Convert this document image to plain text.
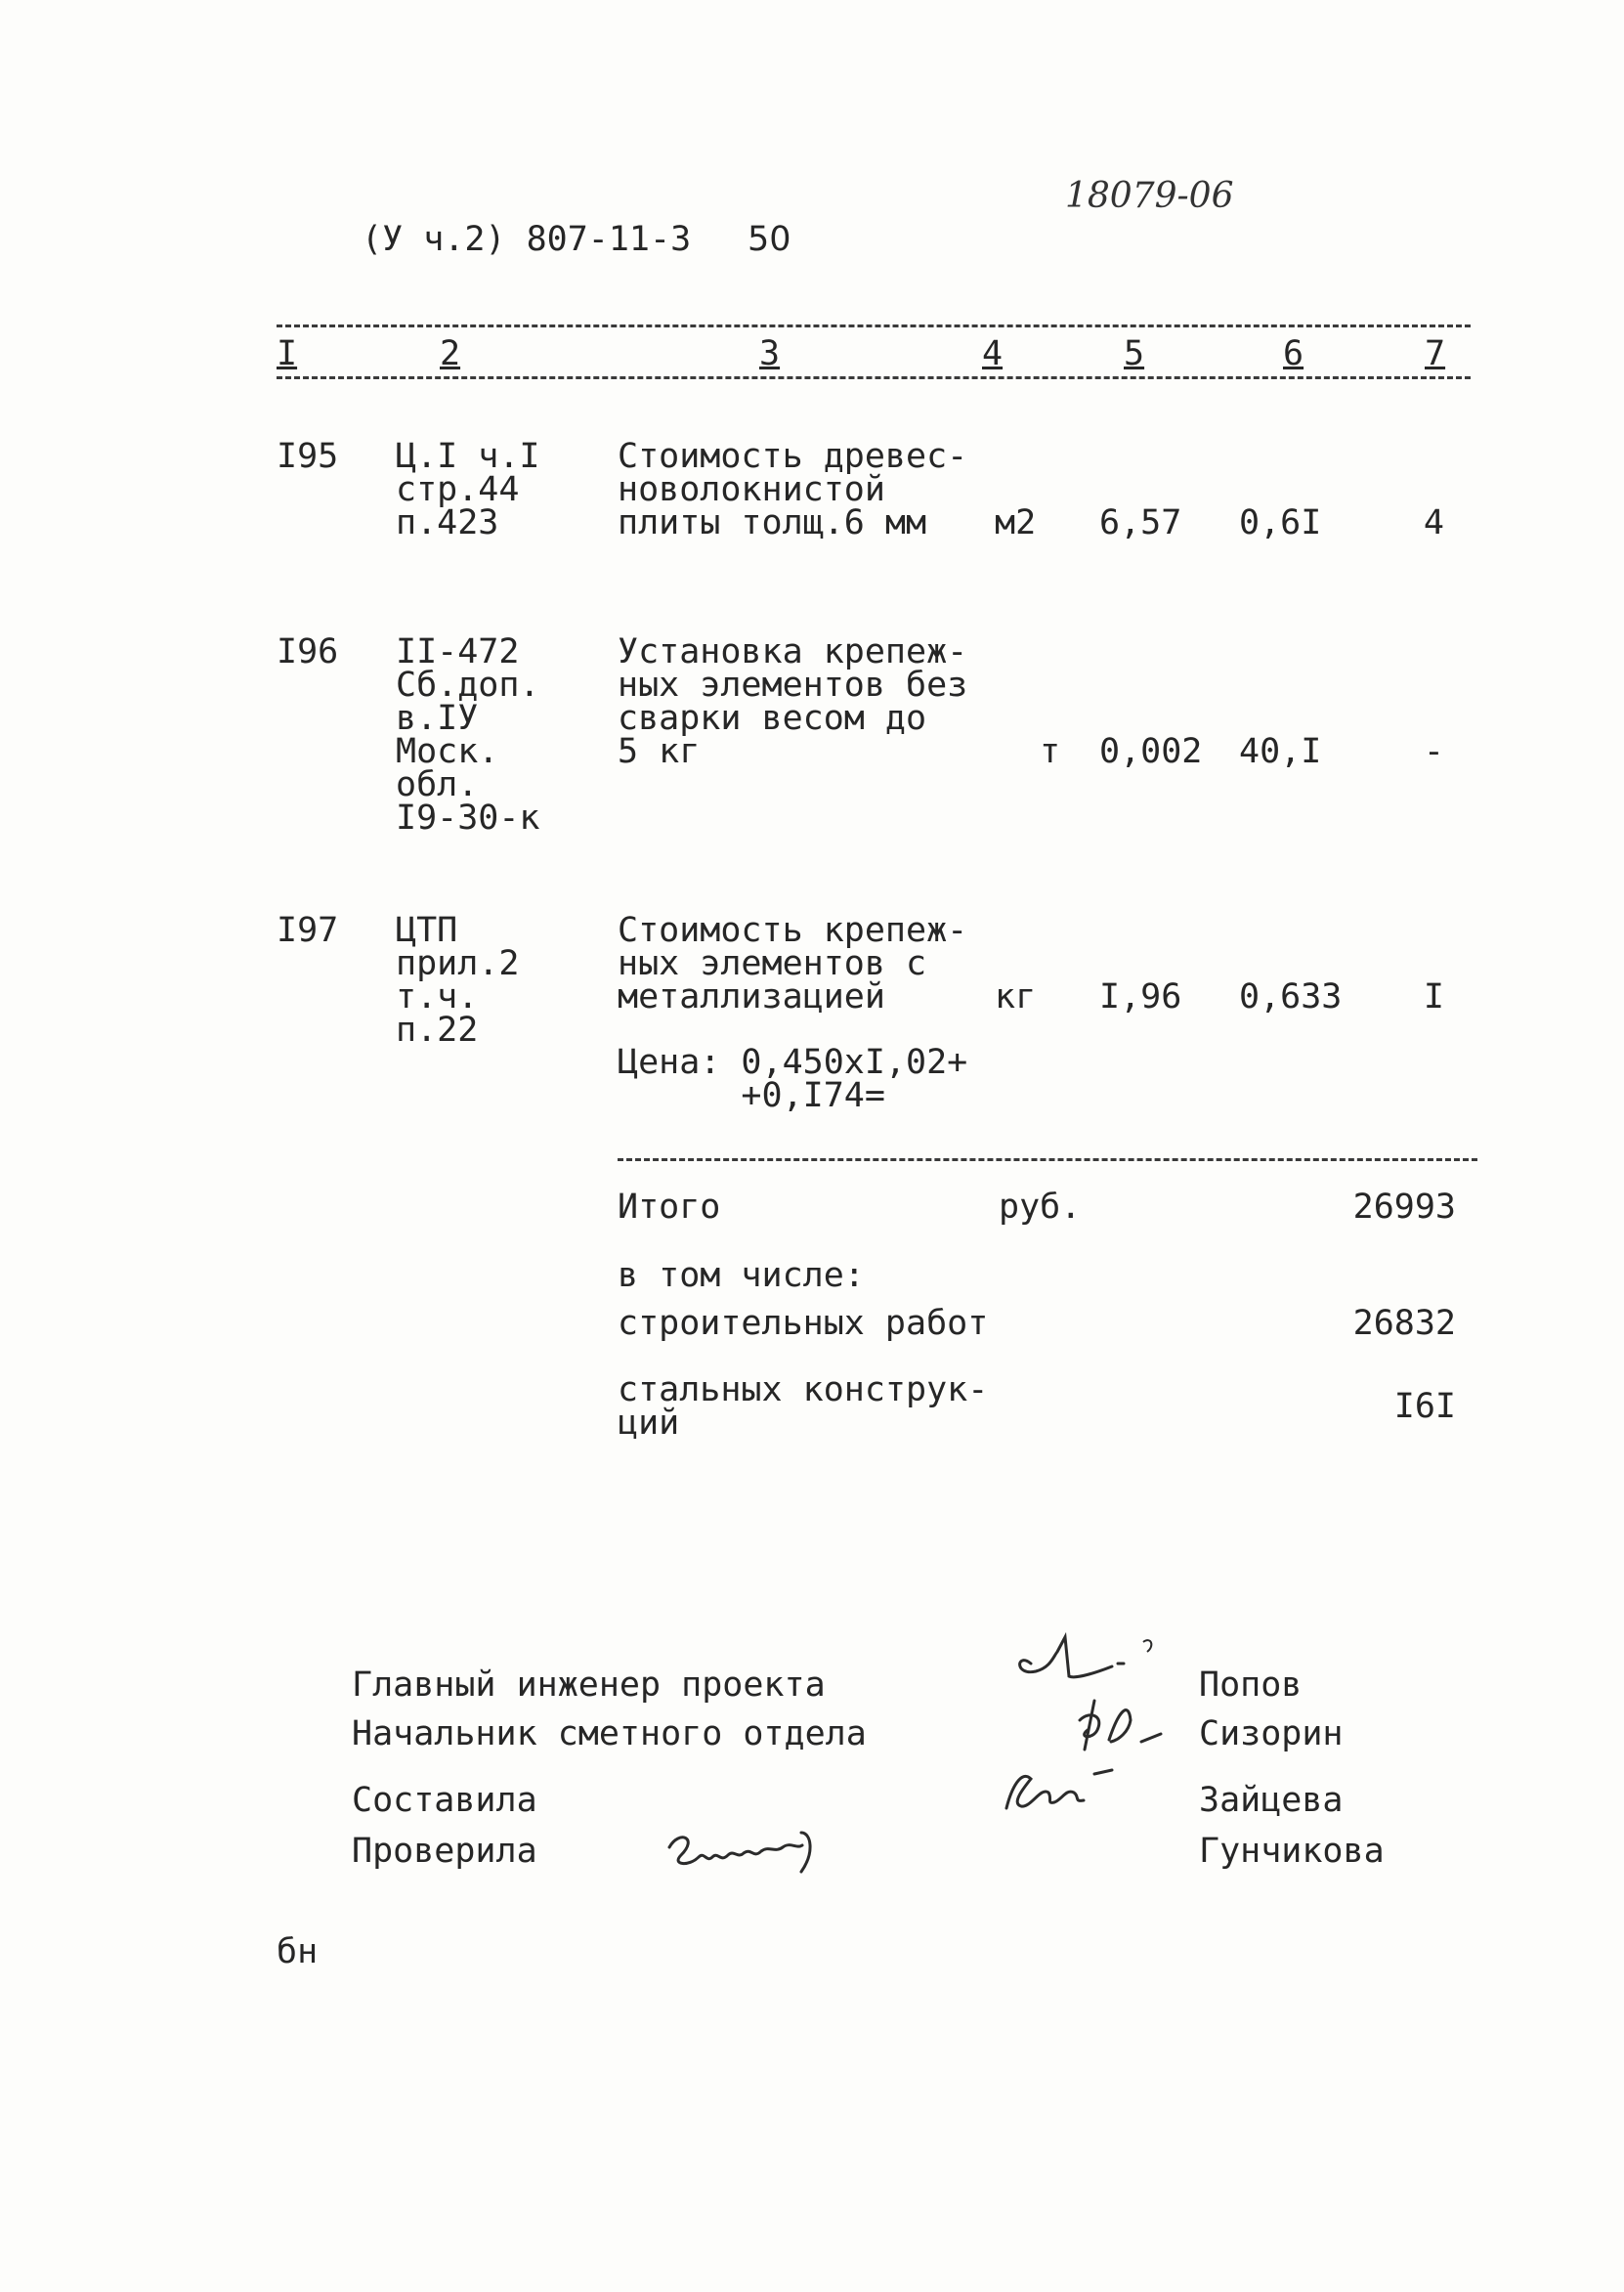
18079-06
(У ч.2) 807-11-3 50
I	2	3	4	5	6	7
I95 Ц.I ч.I
стр.44
п.423
Стоимость древес-
новолокнистой
плиты толщ.6 мм	м2 6,57 0,6I	4
I96 II-472
Сб.доп.
в.IУ
Моск.
обл.
I9-30-к
Установка крепеж-
ных элементов без
сварки весом до
5 кг	т 0,002 40,I	-
I97 ЦТП
прил.2
т.ч.
п.22
Стоимость крепеж-
ных элементов с
металлизацией	кг I,96 0,633	I
Цена: 0,450хI,02+
+0,I74=
Итого	руб.	26993
в том числе:
строительных работ	26832
стальных конструк-
ций	I6I
Главный инженер проекта
Начальник сметного отдела
Составила
Проверила
Попов
Сизорин
Зайцева
Гунчикова
бн
